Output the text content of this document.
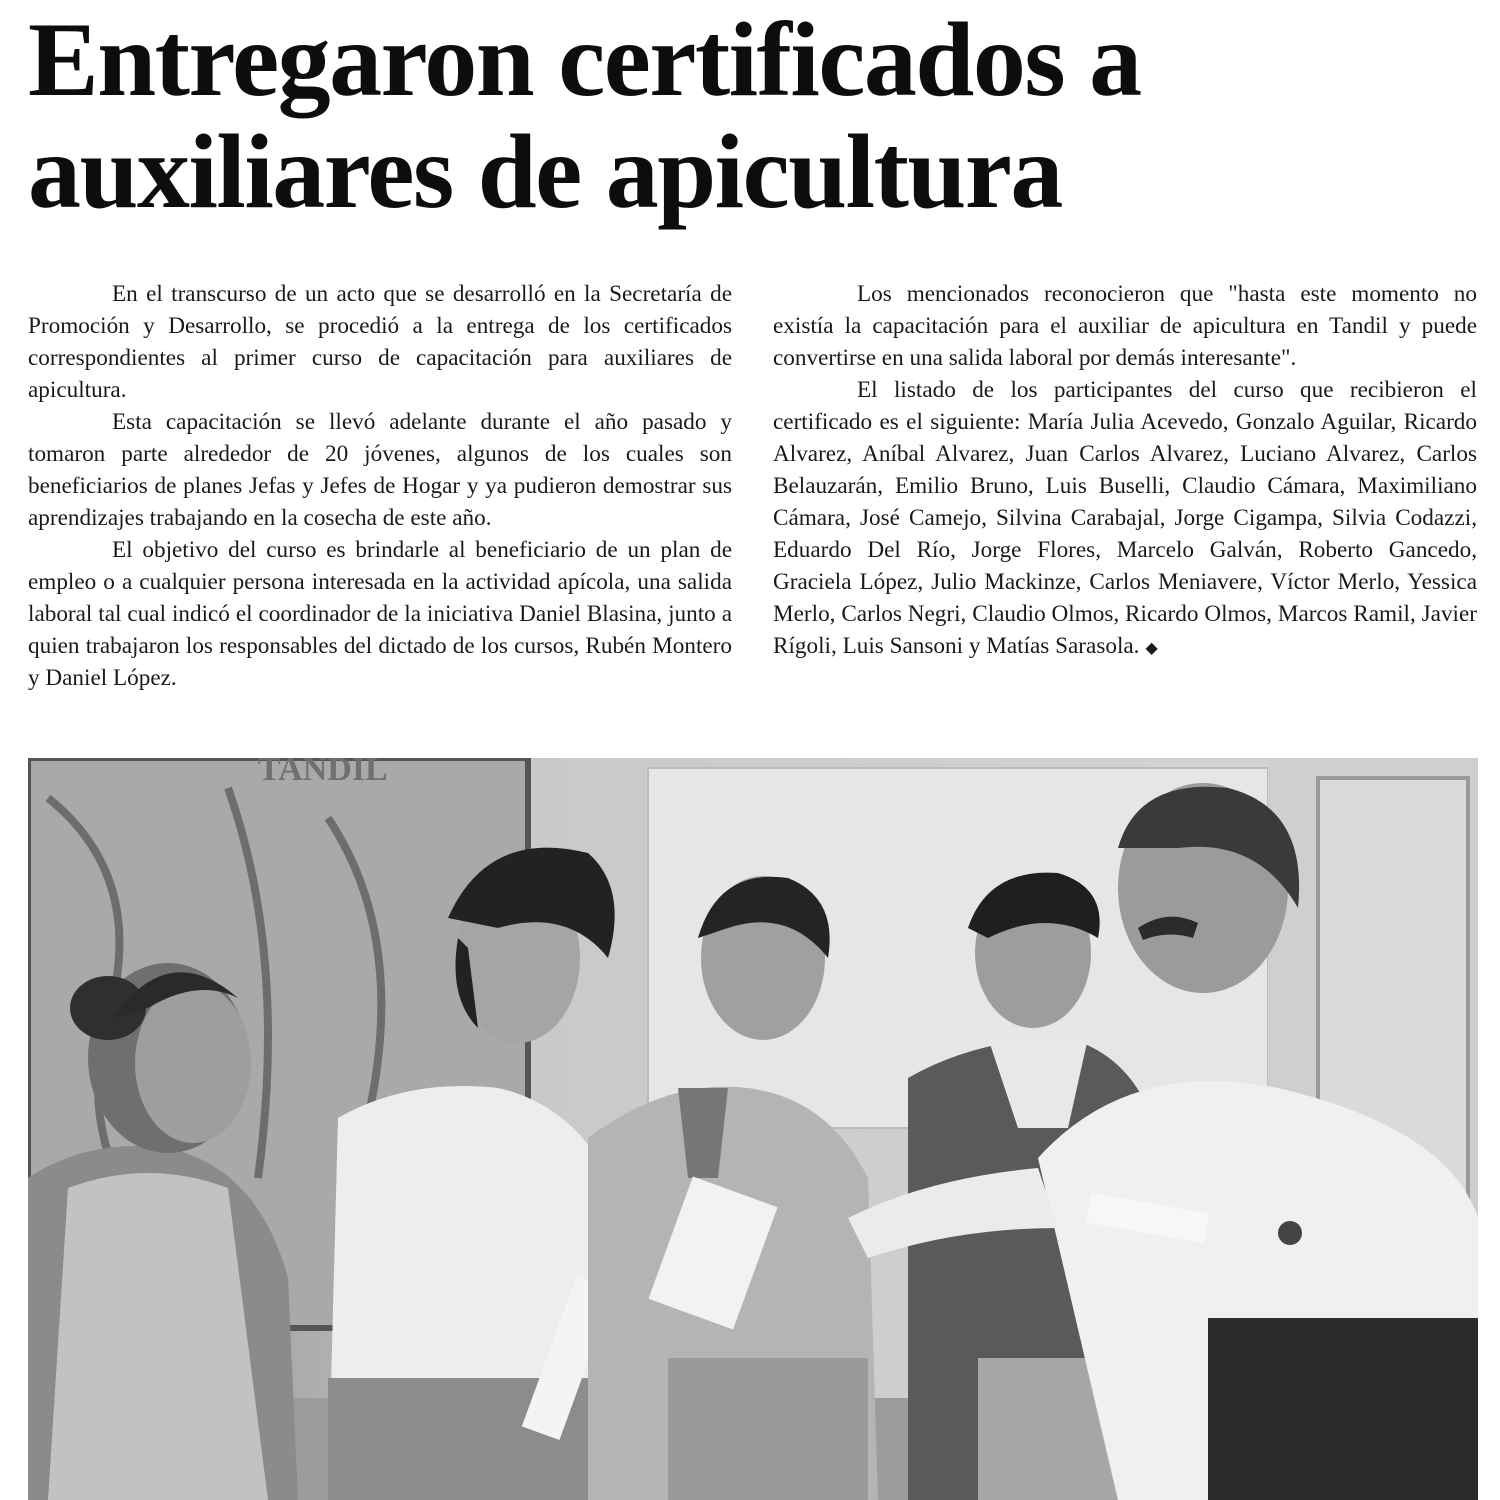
Entregaron certificados a
auxiliares de apicultura

En el transcurso de un acto que se desarrolló en la Secretaría de Promoción y Desarrollo, se procedió a la entrega de los certificados correspondientes al primer curso de capacitación para auxiliares de apicultura.

Esta capacitación se llevó adelante durante el año pasado y tomaron parte alrededor de 20 jóvenes, algunos de los cuales son beneficiarios de planes Jefas y Jefes de Hogar y ya pudieron demostrar sus aprendizajes trabajando en la cosecha de este año.

El objetivo del curso es brindarle al beneficiario de un plan de empleo o a cualquier persona interesada en la actividad apícola, una salida laboral tal cual indicó el coordinador de la iniciativa Daniel Blasina, junto a quien trabajaron los responsables del dictado de los cursos, Rubén Montero y Daniel López.

Los mencionados reconocieron que "hasta este momento no existía la capacitación para el auxiliar de apicultura en Tandil y puede convertirse en una salida laboral por demás interesante".

El listado de los participantes del curso que recibieron el certificado es el siguiente: María Julia Acevedo, Gonzalo Aguilar, Ricardo Alvarez, Aníbal Alvarez, Juan Carlos Alvarez, Luciano Alvarez, Carlos Belauzarán, Emilio Bruno, Luis Buselli, Claudio Cámara, Maximiliano Cámara, José Camejo, Silvina Carabajal, Jorge Cigampa, Silvia Codazzi, Eduardo Del Río, Jorge Flores, Marcelo Galván, Roberto Gancedo, Graciela López, Julio Mackinze, Carlos Meniavere, Víctor Merlo, Yessica Merlo, Carlos Negri, Claudio Olmos, Ricardo Olmos, Marcos Ramil, Javier Rígoli, Luis Sansoni y Matías Sarasola. ◆

TANDIL
